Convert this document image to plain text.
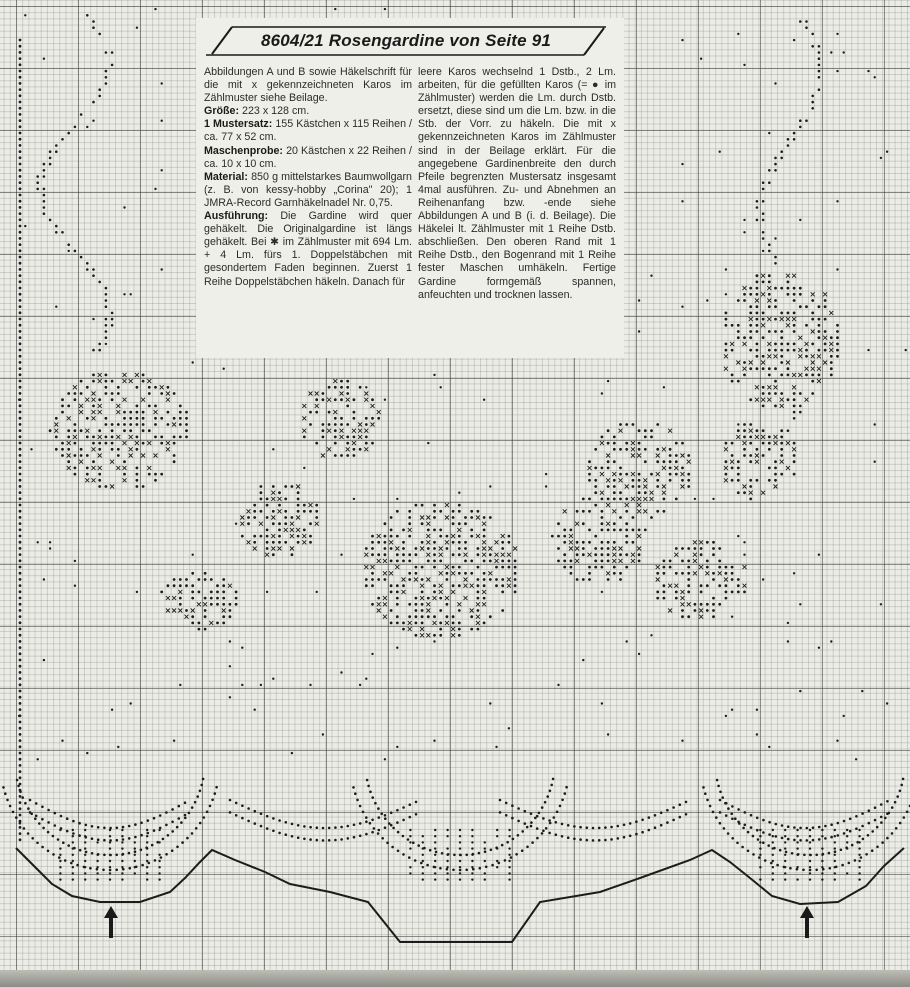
8604/21 Rosengardine von Seite 91

Abbildungen A und B sowie Häkelschrift für die mit x gekennzeichneten Karos im Zählmuster siehe Beilage.

Größe: 223 x 128 cm.

1 Mustersatz: 155 Kästchen x 115 Reihen / ca. 77 x 52 cm.

Maschenprobe: 20 Kästchen x 22 Reihen / ca. 10 x 10 cm.

Material: 850 g mittelstarkes Baumwollgarn (z. B. von kessy-hobby „Corina" 20); 1 JMRA-Record Garnhäkelnadel Nr. 0,75.

Ausführung: Die Gardine wird quer gehäkelt. Die Originalgardine ist längs gehäkelt. Bei ✱ im Zählmuster mit 694 Lm. + 4 Lm. fürs 1. Doppelstäbchen mit gesondertem Faden beginnen. Zuerst 1 Reihe Doppelstäbchen häkeln. Danach für

leere Karos wechselnd 1 Dstb., 2 Lm. arbeiten, für die gefüllten Karos (= ● im Zählmuster) werden die Lm. durch Dstb. ersetzt, diese sind um die Lm. bzw. in die Stb. der Vorr. zu häkeln. Die mit x gekennzeichneten Karos im Zählmuster sind in der Beilage erklärt. Für die angegebene Gardinenbreite den durch Pfeile begrenzten Mustersatz insgesamt 4mal ausführen. Zu- und Abnehmen an Reihenanfang bzw. -ende siehe Abbildungen A und B (i. d. Beilage). Die Häkelei lt. Zählmuster mit 1 Reihe Dstb. abschließen. Den oberen Rand mit 1 Reihe Dstb., den Bogenrand mit 1 Reihe fester Maschen umhäkeln. Fertige Gardine formgemäß spannen, anfeuchten und trocknen lassen.
